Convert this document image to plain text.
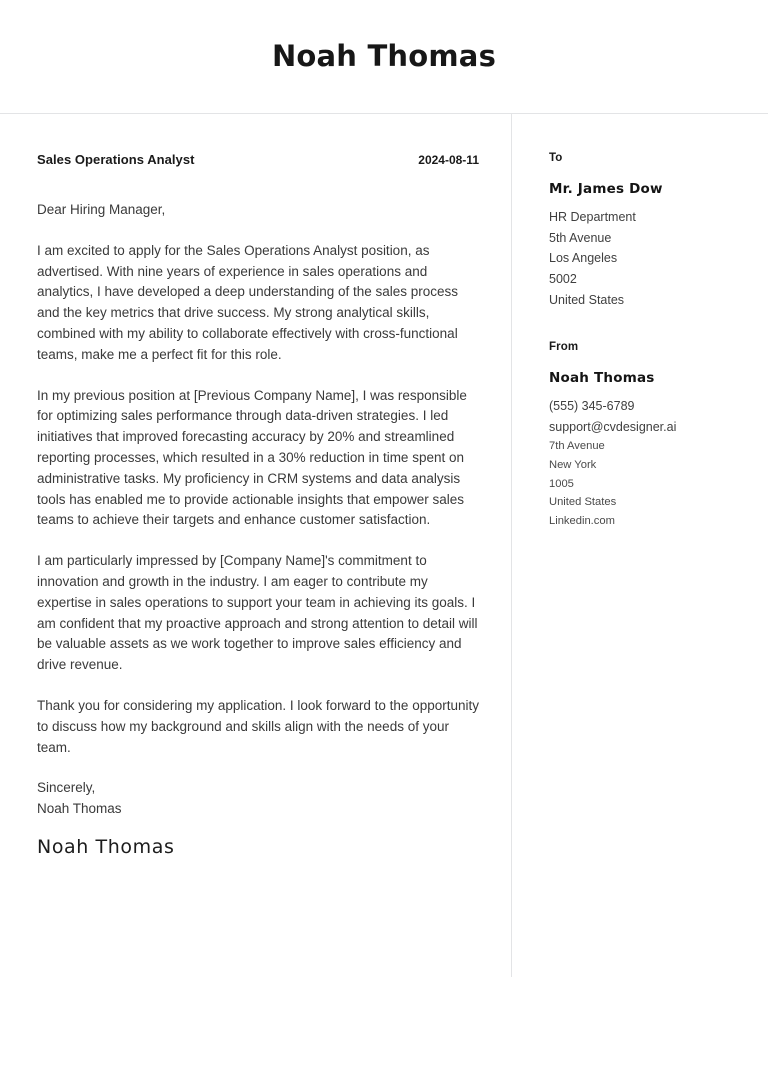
Noah Thomas
Sales Operations Analyst	2024-08-11
Dear Hiring Manager,

I am excited to apply for the Sales Operations Analyst position, as advertised. With nine years of experience in sales operations and analytics, I have developed a deep understanding of the sales process and the key metrics that drive success. My strong analytical skills, combined with my ability to collaborate effectively with cross-functional teams, make me a perfect fit for this role.

In my previous position at [Previous Company Name], I was responsible for optimizing sales performance through data-driven strategies. I led initiatives that improved forecasting accuracy by 20% and streamlined reporting processes, which resulted in a 30% reduction in time spent on administrative tasks. My proficiency in CRM systems and data analysis tools has enabled me to provide actionable insights that empower sales teams to achieve their targets and enhance customer satisfaction.

I am particularly impressed by [Company Name]'s commitment to innovation and growth in the industry. I am eager to contribute my expertise in sales operations to support your team in achieving its goals. I am confident that my proactive approach and strong attention to detail will be valuable assets as we work together to improve sales efficiency and drive revenue.

Thank you for considering my application. I look forward to the opportunity to discuss how my background and skills align with the needs of your team.

Sincerely,
Noah Thomas
Noah Thomas
To
Mr. James Dow
HR Department
5th Avenue
Los Angeles
5002
United States
From
Noah Thomas
(555) 345-6789
support@cvdesigner.ai
7th Avenue
New York
1005
United States
Linkedin.com
